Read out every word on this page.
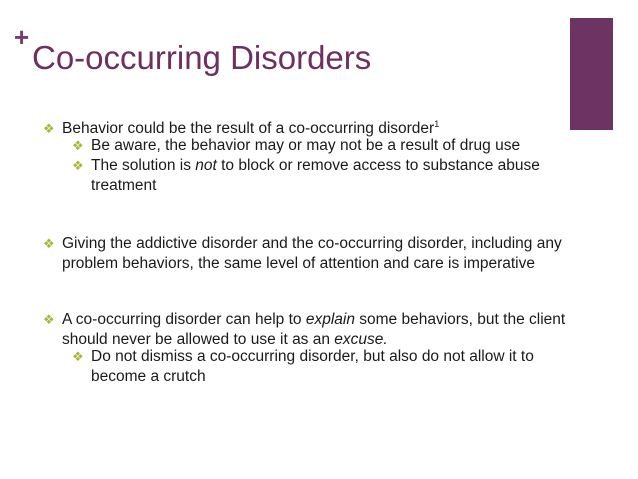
+
Co-occurring Disorders
❖ Behavior could be the result of a co-occurring disorder$^1$
❖ Be aware, the behavior may or may not be a result of drug use
❖ The solution is not to block or remove access to substance abuse treatment
❖ Giving the addictive disorder and the co-occurring disorder, including any problem behaviors, the same level of attention and care is imperative
❖ A co-occurring disorder can help to explain some behaviors, but the client should never be allowed to use it as an excuse.
❖ Do not dismiss a co-occurring disorder, but also do not allow it to become a crutch
